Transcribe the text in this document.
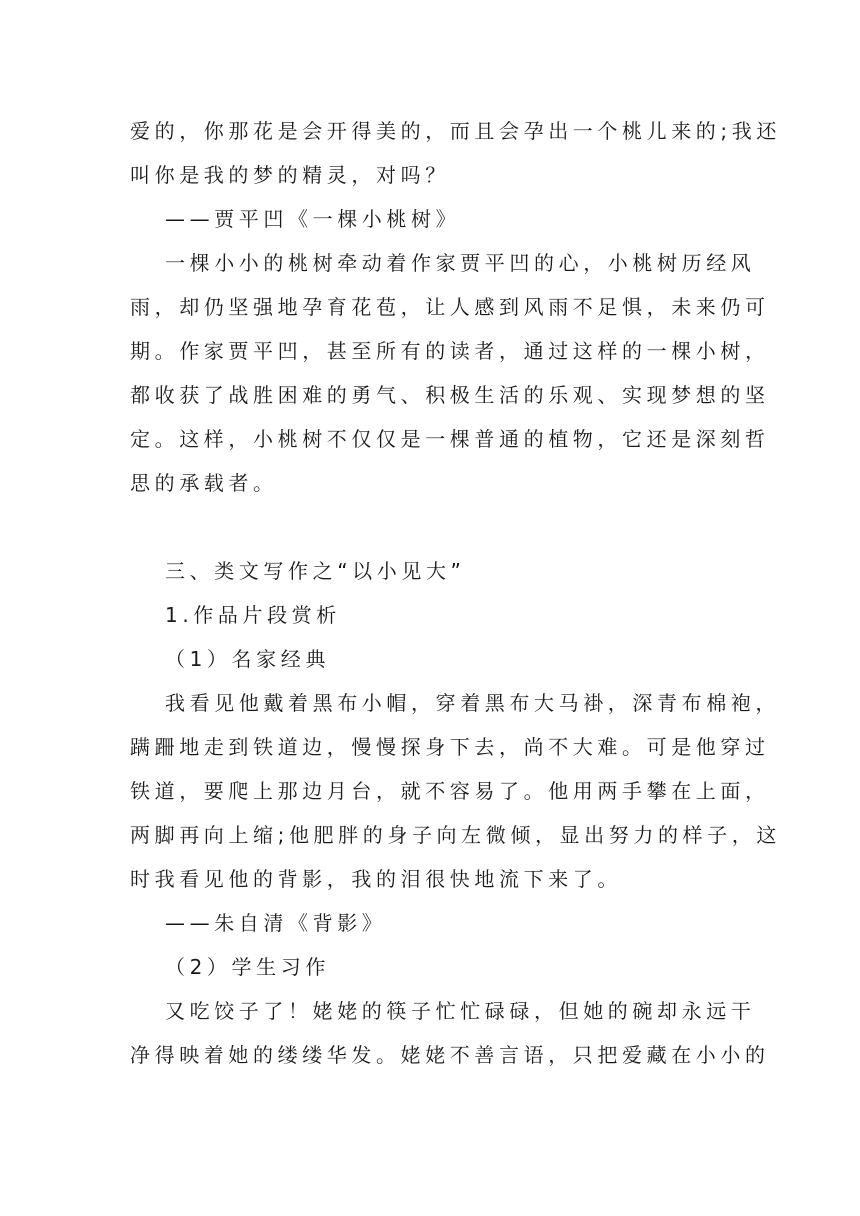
爱的，你那花是会开得美的，而且会孕出一个桃儿来的;我还
叫你是我的梦的精灵，对吗？
——贾平凹《一棵小桃树》
一棵小小的桃树牵动着作家贾平凹的心，小桃树历经风
雨，却仍坚强地孕育花苞，让人感到风雨不足惧，未来仍可
期。作家贾平凹，甚至所有的读者，通过这样的一棵小树，
都收获了战胜困难的勇气、积极生活的乐观、实现梦想的坚
定。这样，小桃树不仅仅是一棵普通的植物，它还是深刻哲
思的承载者。
三、类文写作之“以小见大”
1.作品片段赏析
（1）名家经典
我看见他戴着黑布小帽，穿着黑布大马褂，深青布棉袍，
蹒跚地走到铁道边，慢慢探身下去，尚不大难。可是他穿过
铁道，要爬上那边月台，就不容易了。他用两手攀在上面，
两脚再向上缩;他肥胖的身子向左微倾，显出努力的样子，这
时我看见他的背影，我的泪很快地流下来了。
——朱自清《背影》
（2）学生习作
又吃饺子了！姥姥的筷子忙忙碌碌，但她的碗却永远干
净得映着她的缕缕华发。姥姥不善言语，只把爱藏在小小的
